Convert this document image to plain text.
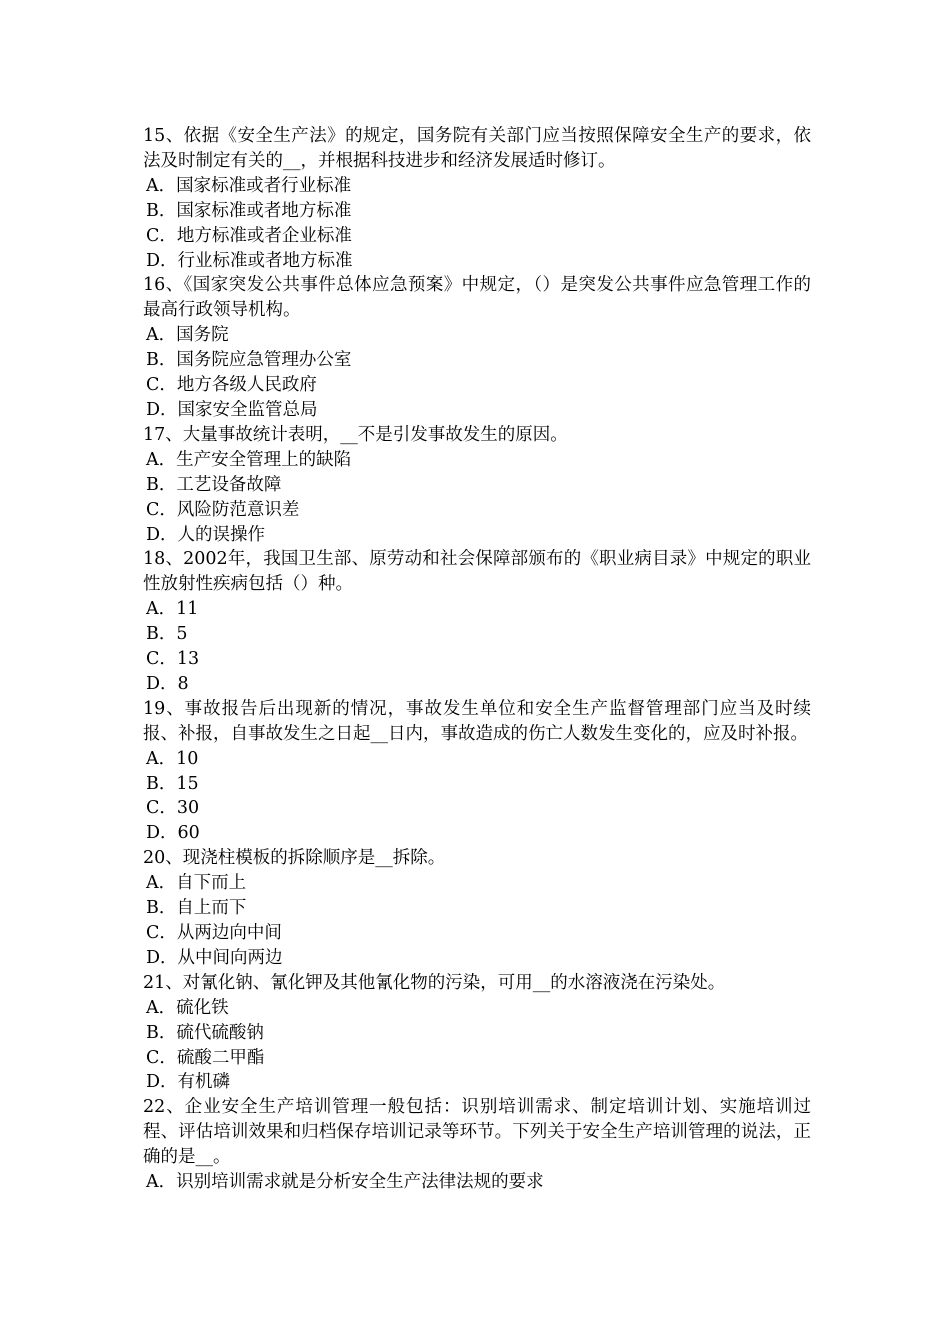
15、依据《安全生产法》的规定，国务院有关部门应当按照保障安全生产的要求，依法及时制定有关的__，并根据科技进步和经济发展适时修订。

A．国家标准或者行业标准

B．国家标准或者地方标准

C．地方标准或者企业标准

D．行业标准或者地方标准

16、《国家突发公共事件总体应急预案》中规定，（）是突发公共事件应急管理工作的最高行政领导机构。

A．国务院

B．国务院应急管理办公室

C．地方各级人民政府

D．国家安全监管总局

17、大量事故统计表明，__不是引发事故发生的原因。

A．生产安全管理上的缺陷

B．工艺设备故障

C．风险防范意识差

D．人的误操作

18、2002年，我国卫生部、原劳动和社会保障部颁布的《职业病目录》中规定的职业性放射性疾病包括（）种。

A．11

B．5

C．13

D．8

19、事故报告后出现新的情况，事故发生单位和安全生产监督管理部门应当及时续报、补报，自事故发生之日起__日内，事故造成的伤亡人数发生变化的，应及时补报。

A．10

B．15

C．30

D．60

20、现浇柱模板的拆除顺序是__拆除。

A．自下而上

B．自上而下

C．从两边向中间

D．从中间向两边

21、对氰化钠、氰化钾及其他氰化物的污染，可用__的水溶液浇在污染处。

A．硫化铁

B．硫代硫酸钠

C．硫酸二甲酯

D．有机磷

22、企业安全生产培训管理一般包括：识别培训需求、制定培训计划、实施培训过程、评估培训效果和归档保存培训记录等环节。下列关于安全生产培训管理的说法，正确的是__。

A．识别培训需求就是分析安全生产法律法规的要求
